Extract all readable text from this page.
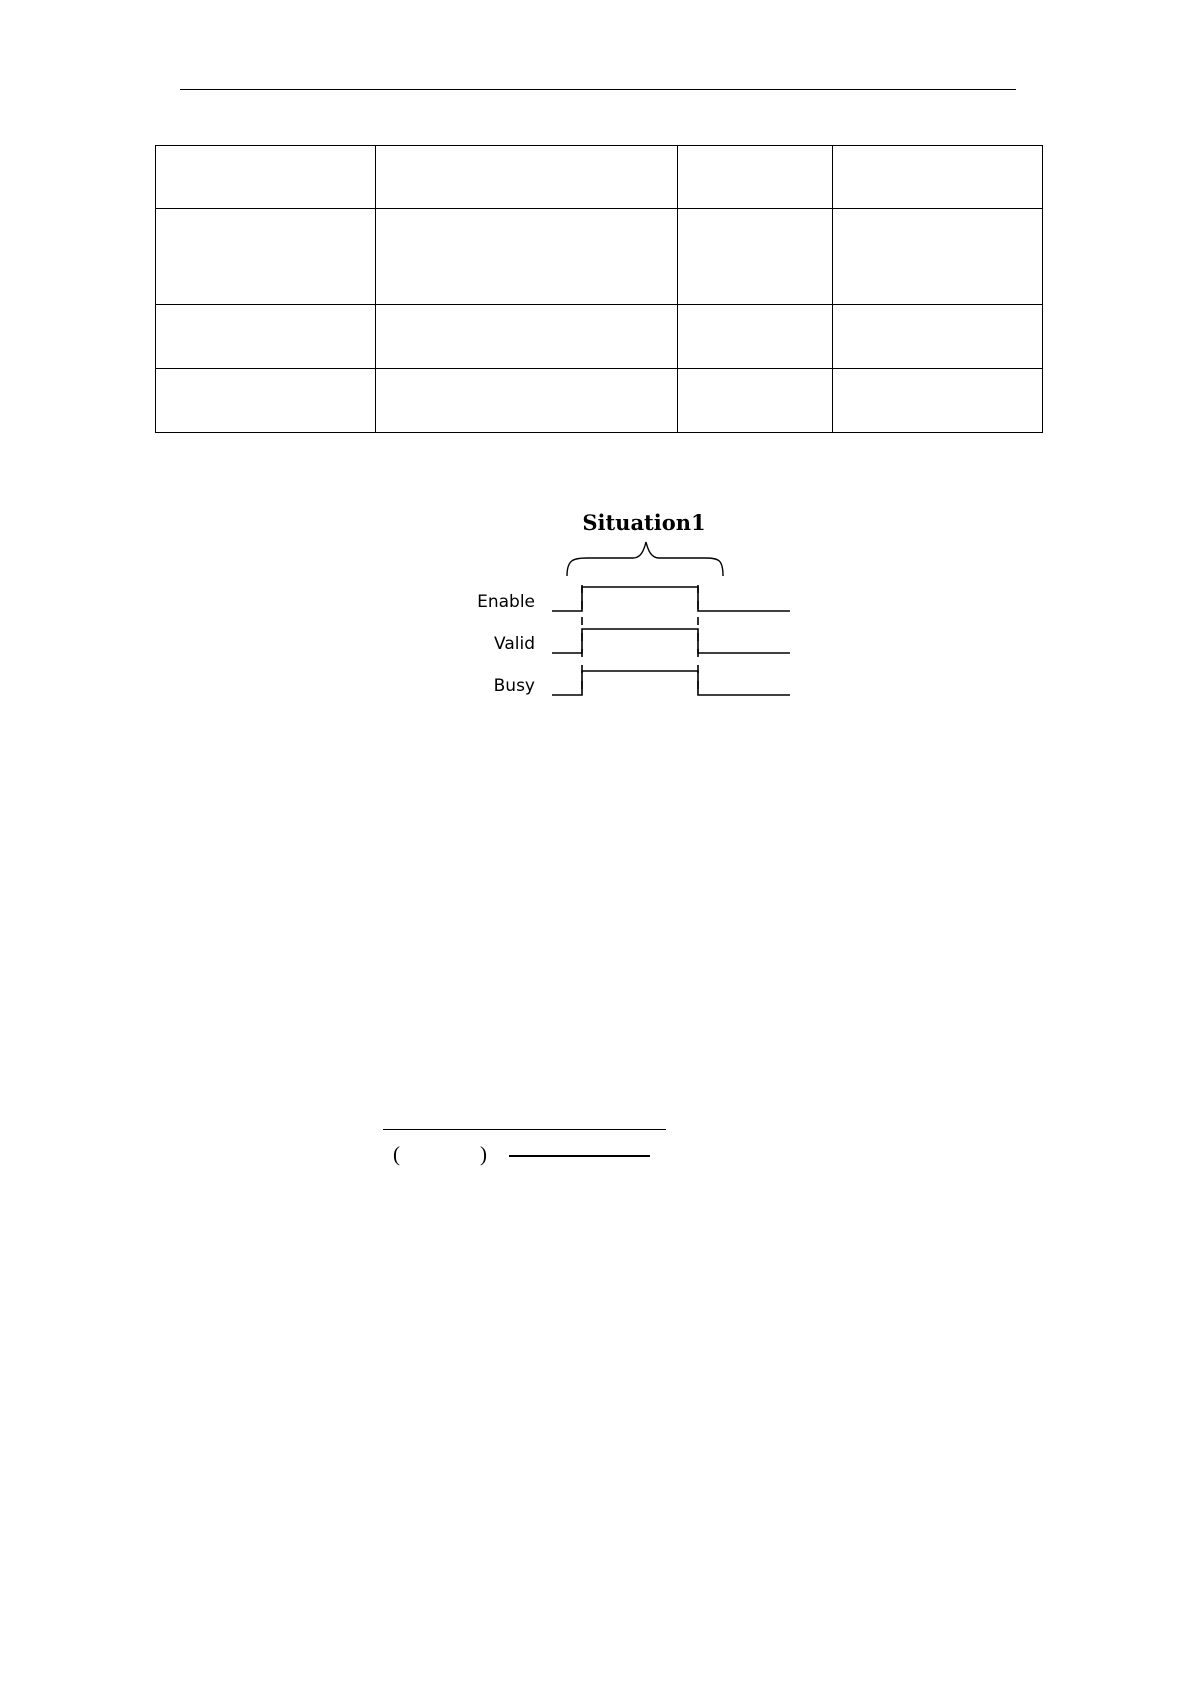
Situation1
Enable
Valid
Busy
(	)
